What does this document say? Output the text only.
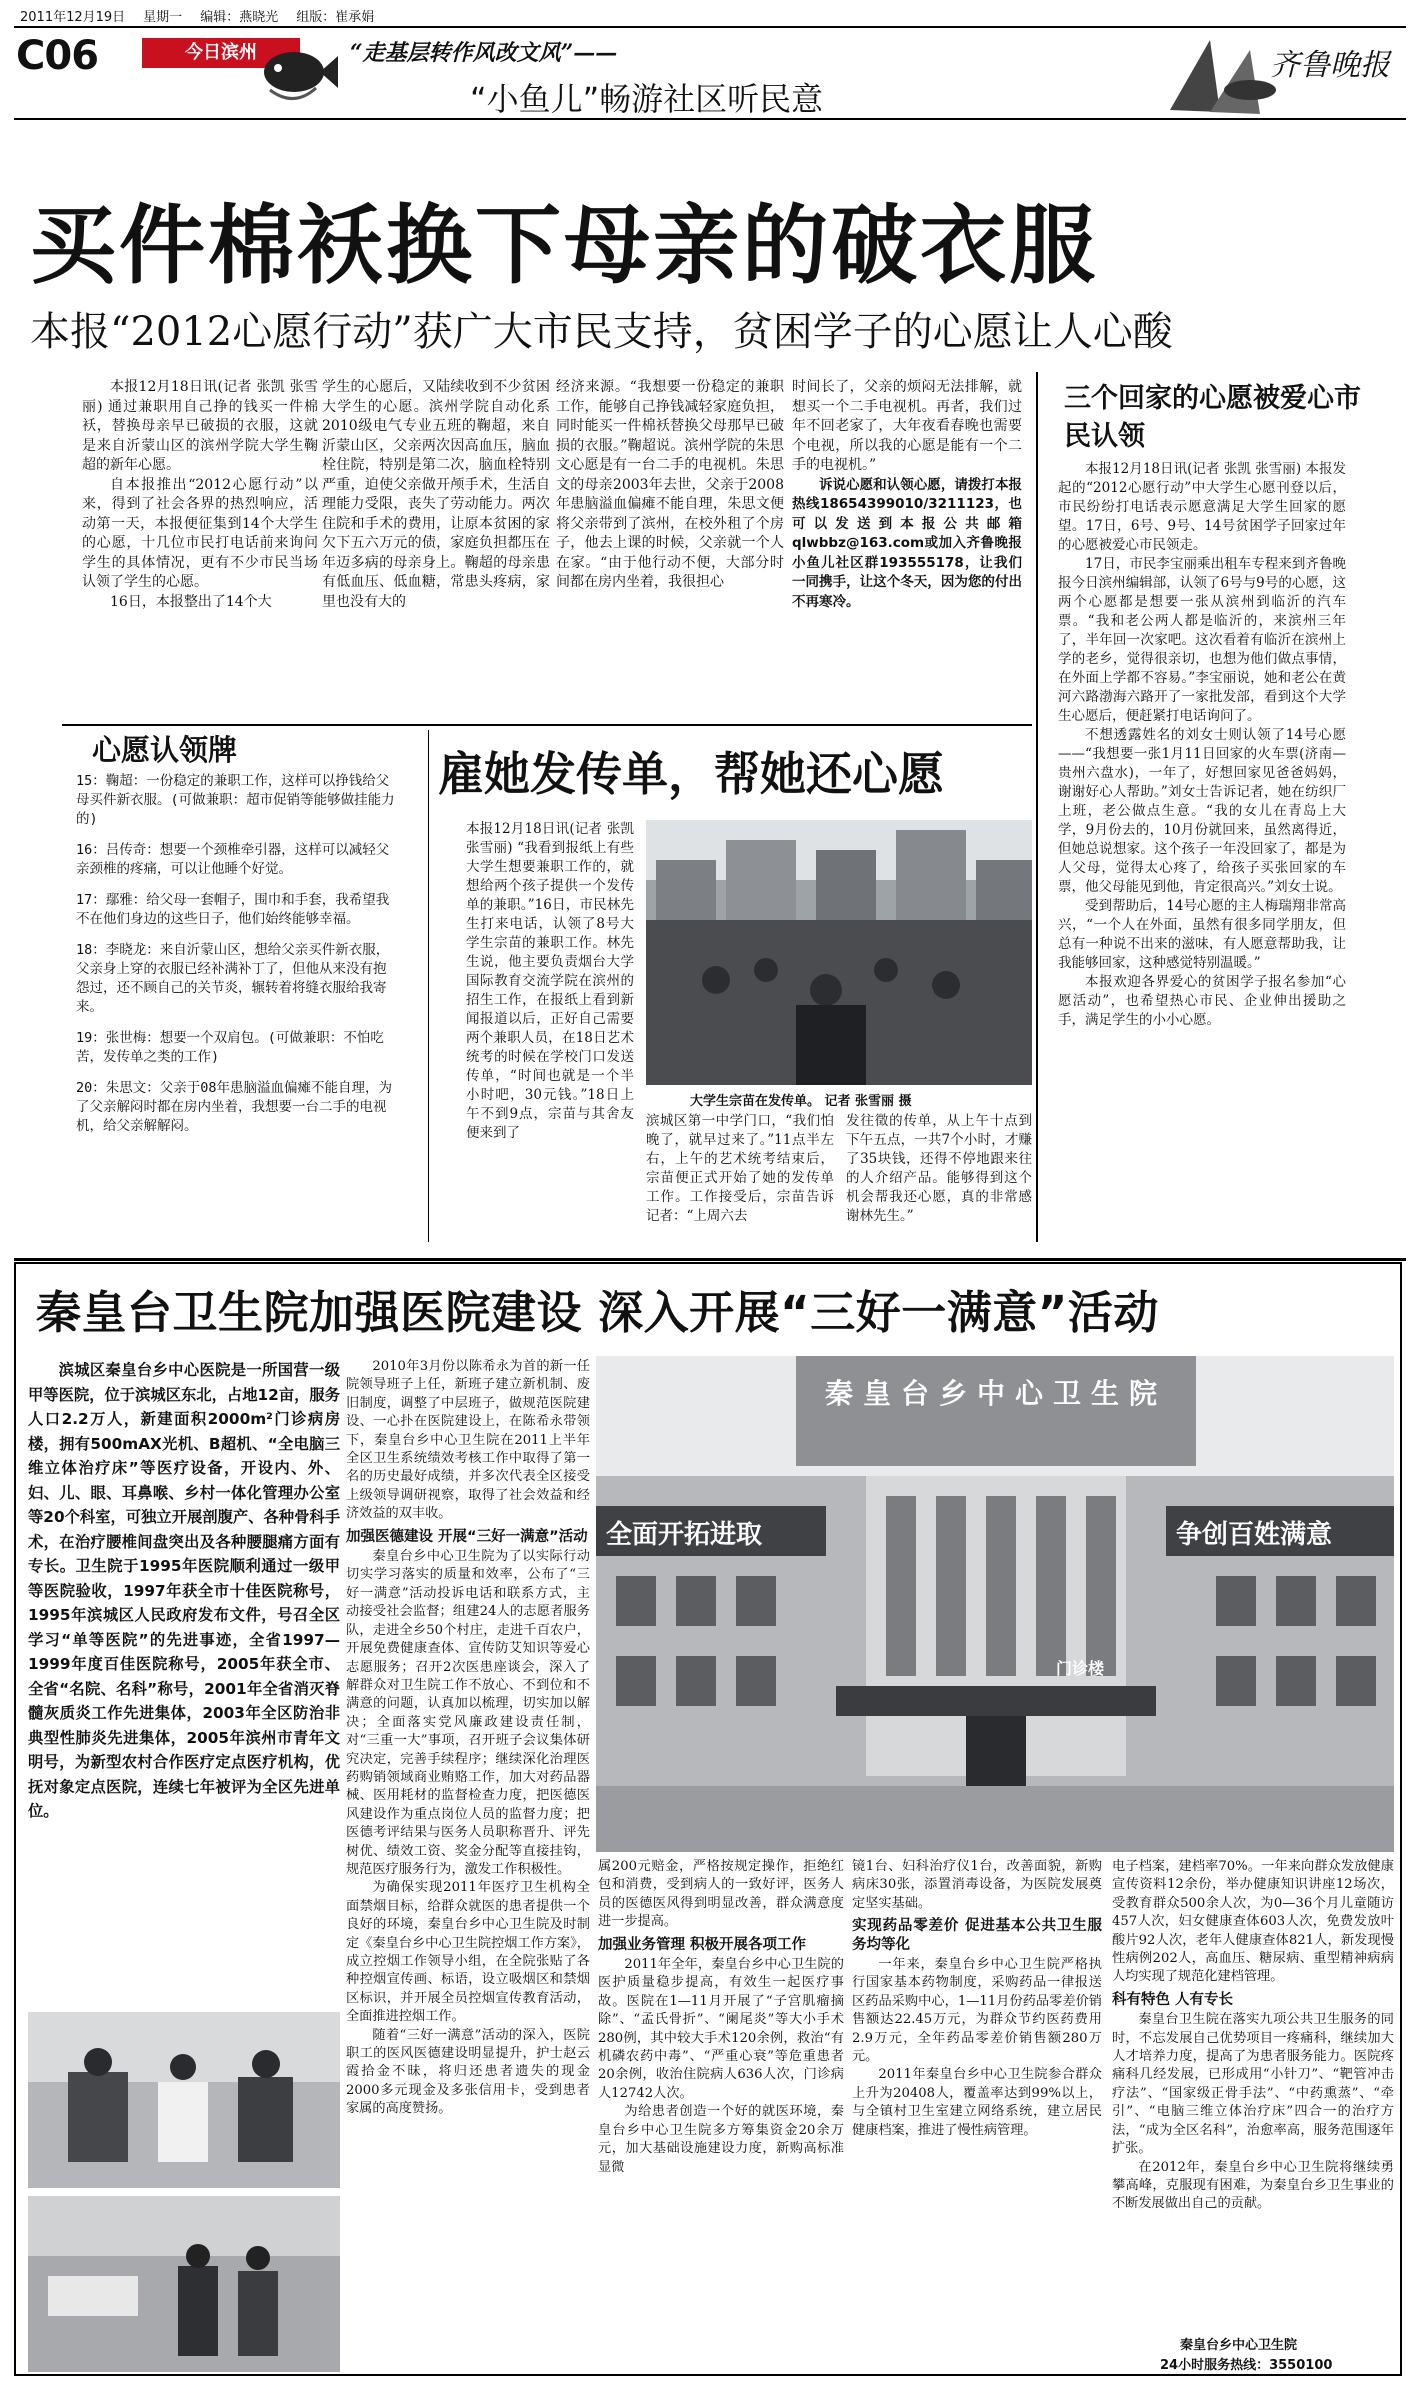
2011年12月19日 星期一 编辑：燕晓光 组版：崔承娟
C06	今日滨州	“走基层转作风改文风”——
“小鱼儿”畅游社区听民意
齐鲁晚报
买件棉袄换下母亲的破衣服
本报“2012心愿行动”获广大市民支持，贫困学子的心愿让人心酸

本报12月18日讯(记者 张凯 张雪丽) 通过兼职用自己挣的钱买一件棉袄，替换母亲早已破损的衣服，这就是来自沂蒙山区的滨州学院大学生鞠超的新年心愿。

自本报推出“2012心愿行动”以来，得到了社会各界的热烈响应，活动第一天，本报便征集到14个大学生的心愿，十几位市民打电话前来询问学生的具体情况，更有不少市民当场认领了学生的心愿。

16日，本报整出了14个大

学生的心愿后，又陆续收到不少贫困大学生的心愿。滨州学院自动化系2010级电气专业五班的鞠超，来自沂蒙山区，父亲两次因高血压，脑血栓住院，特别是第二次，脑血栓特别严重，迫使父亲做开颅手术，生活自理能力受限，丧失了劳动能力。两次住院和手术的费用，让原本贫困的家欠下五六万元的债，家庭负担都压在年迈多病的母亲身上。鞠超的母亲患有低血压、低血糖，常患头疼病，家里也没有大的

经济来源。“我想要一份稳定的兼职工作，能够自己挣钱减轻家庭负担，同时能买一件棉袄替换父母那早已破损的衣服。”鞠超说。滨州学院的朱思文心愿是有一台二手的电视机。朱思文的母亲2003年去世，父亲于2008年患脑溢血偏瘫不能自理，朱思文便将父亲带到了滨州，在校外租了个房子，他去上课的时候，父亲就一个人在家。“由于他行动不便，大部分时间都在房内坐着，我很担心

时间长了，父亲的烦闷无法排解，就想买一个二手电视机。再者，我们过年不回老家了，大年夜看春晚也需要个电视，所以我的心愿是能有一个二手的电视机。”

诉说心愿和认领心愿，请拨打本报热线18654399010/3211123，也可以发送到本报公共邮箱qlwbbz@163.com或加入齐鲁晚报小鱼儿社区群193555178，让我们一同携手，让这个冬天，因为您的付出不再寒冷。

三个回家的心愿被爱心市民认领

本报12月18日讯(记者 张凯 张雪丽) 本报发起的“2012心愿行动”中大学生心愿刊登以后，市民纷纷打电话表示愿意满足大学生回家的愿望。17日，6号、9号、14号贫困学子回家过年的心愿被爱心市民领走。

17日，市民李宝丽乘出租车专程来到齐鲁晚报今日滨州编辑部，认领了6号与9号的心愿，这两个心愿都是想要一张从滨州到临沂的汽车票。“我和老公两人都是临沂的，来滨州三年了，半年回一次家吧。这次看着有临沂在滨州上学的老乡，觉得很亲切，也想为他们做点事情，在外面上学都不容易。”李宝丽说，她和老公在黄河六路渤海六路开了一家批发部，看到这个大学生心愿后，便赶紧打电话询问了。

不想透露姓名的刘女士则认领了14号心愿——“我想要一张1月11日回家的火车票(济南—贵州六盘水)，一年了，好想回家见爸爸妈妈，谢谢好心人帮助。”刘女士告诉记者，她在纺织厂上班，老公做点生意。“我的女儿在青岛上大学，9月份去的，10月份就回来，虽然离得近，但她总说想家。这个孩子一年没回家了，都是为人父母，觉得太心疼了，给孩子买张回家的车票，他父母能见到他，肯定很高兴。”刘女士说。

受到帮助后，14号心愿的主人梅瑞翔非常高兴，“一个人在外面，虽然有很多同学朋友，但总有一种说不出来的滋味，有人愿意帮助我，让我能够回家，这种感觉特别温暖。”

本报欢迎各界爱心的贫困学子报名参加“心愿活动”，也希望热心市民、企业伸出援助之手，满足学生的小小心愿。

心愿认领牌
15：鞠超：一份稳定的兼职工作，这样可以挣钱给父母买件新衣服。(可做兼职：超市促销等能够做挂能力的)
16：吕传奇：想要一个颈椎牵引器，这样可以减轻父亲颈椎的疼痛，可以让他睡个好觉。
17：鄢雅：给父母一套帽子，围巾和手套，我希望我不在他们身边的这些日子，他们始终能够幸福。
18：李晓龙：来自沂蒙山区，想给父亲买件新衣服，父亲身上穿的衣服已经补满补丁了，但他从来没有抱怨过，还不顾自己的关节炎，辗转着将缝衣服给我寄来。
19：张世梅：想要一个双肩包。(可做兼职：不怕吃苦，发传单之类的工作)
20：朱思文：父亲于08年患脑溢血偏瘫不能自理，为了父亲解闷时都在房内坐着，我想要一台二手的电视机，给父亲解解闷。
雇她发传单，帮她还心愿

本报12月18日讯(记者 张凯 张雪丽) “我看到报纸上有些大学生想要兼职工作的，就想给两个孩子提供一个发传单的兼职。”16日，市民林先生打来电话，认领了8号大学生宗苗的兼职工作。林先生说，他主要负责烟台大学国际教育交流学院在滨州的招生工作，在报纸上看到新闻报道以后，正好自己需要两个兼职人员，在18日艺术统考的时候在学校门口发送传单，“时间也就是一个半小时吧，30元钱。”18日上午不到9点，宗苗与其舍友便来到了

大学生宗苗在发传单。 记者 张雪丽 摄

滨城区第一中学门口，“我们怕晚了，就早过来了。”11点半左右，上午的艺术统考结束后，宗苗便正式开始了她的发传单工作。工作接受后，宗苗告诉记者：“上周六去

发往徵的传单，从上午十点到下午五点，一共7个小时，才赚了35块钱，还得不停地跟来往的人介绍产品。能够得到这个机会帮我还心愿，真的非常感谢林先生。”

秦皇台卫生院加强医院建设 深入开展“三好一满意”活动
滨城区秦皇台乡中心医院是一所国营一级甲等医院，位于滨城区东北，占地12亩，服务人口2.2万人，新建面积2000m²门诊病房楼，拥有500mAX光机、B超机、“全电脑三维立体治疗床”等医疗设备，开设内、外、妇、儿、眼、耳鼻喉、乡村一体化管理办公室等20个科室，可独立开展剖腹产、各种骨科手术，在治疗腰椎间盘突出及各种腰腿痛方面有专长。卫生院于1995年医院顺利通过一级甲等医院验收，1997年获全市十佳医院称号，1995年滨城区人民政府发布文件，号召全区学习“单等医院”的先进事迹，全省1997—1999年度百佳医院称号，2005年获全市、全省“名院、名科”称号，2001年全省消灭脊髓灰质炎工作先进集体，2003年全区防治非典型性肺炎先进集体，2005年滨州市青年文明号，为新型农村合作医疗定点医疗机构，优抚对象定点医院，连续七年被评为全区先进单位。

2010年3月份以陈希永为首的新一任院领导班子上任，新班子建立新机制、废旧制度，调整了中层班子，做规范医院建设、一心扑在医院建设上，在陈希永带领下，秦皇台乡中心卫生院在2011上半年全区卫生系统绩效考核工作中取得了第一名的历史最好成绩，并多次代表全区接受上级领导调研视察，取得了社会效益和经济效益的双丰收。

加强医德建设 开展“三好一满意”活动

秦皇台乡中心卫生院为了以实际行动切实学习落实的质量和效率，公布了“三好一满意”活动投诉电话和联系方式，主动接受社会监督；组建24人的志愿者服务队，走进全乡50个村庄，走进千百农户，开展免费健康查体、宣传防艾知识等爱心志愿服务；召开2次医患座谈会，深入了解群众对卫生院工作不放心、不到位和不满意的问题，认真加以梳理，切实加以解决；全面落实党风廉政建设责任制，对“三重一大”事项，召开班子会议集体研究决定，完善手续程序；继续深化治理医药购销领域商业贿赂工作，加大对药品器械、医用耗材的监督检查力度，把医德医风建设作为重点岗位人员的监督力度；把医德考评结果与医务人员职称晋升、评先树优、绩效工资、奖金分配等直接挂钩，规范医疗服务行为，激发工作积极性。

为确保实现2011年医疗卫生机构全面禁烟目标，给群众就医的患者提供一个良好的环境，秦皇台乡中心卫生院及时制定《秦皇台乡中心卫生院控烟工作方案》，成立控烟工作领导小组，在全院张贴了各种控烟宣传画、标语，设立吸烟区和禁烟区标识，并开展全员控烟宣传教育活动，全面推进控烟工作。

随着“三好一满意”活动的深入，医院职工的医风医德建设明显提升，护士赵云霞拾金不昧，将归还患者遗失的现金2000多元现金及多张信用卡，受到患者家属的高度赞扬。

秦皇台乡中心卫生院
全面开拓进取	争创百姓满意
门诊楼

属200元赔金，严格按规定操作，拒绝红包和消费，受到病人的一致好评，医务人员的医德医风得到明显改善，群众满意度进一步提高。

加强业务管理 积极开展各项工作

2011年全年，秦皇台乡中心卫生院的医护质量稳步提高，有效生一起医疗事故。医院在1—11月开展了“子宫肌瘤摘除”、“孟氏骨折”、“阑尾炎”等大小手术280例，其中较大手术120余例，救治“有机磷农药中毒”、“严重心衰”等危重患者20余例，收治住院病人636人次，门诊病人12742人次。

为给患者创造一个好的就医环境，秦皇台乡中心卫生院多方筹集资金20余万元，加大基础设施建设力度，新购高标准显微

镜1台、妇科治疗仪1台，改善面貌，新购病床30张，添置消毒设备，为医院发展奠定坚实基础。

实现药品零差价 促进基本公共卫生服务均等化

一年来，秦皇台乡中心卫生院严格执行国家基本药物制度，采购药品一律报送区药品采购中心，1—11月份药品零差价销售额达22.45万元，为群众节约医药费用2.9万元，全年药品零差价销售额280万元。

2011年秦皇台乡中心卫生院参合群众上升为20408人，覆盖率达到99%以上，与全镇村卫生室建立网络系统，建立居民健康档案，推进了慢性病管理。

电子档案，建档率70%。一年来向群众发放健康宣传资料12余份，举办健康知识讲座12场次，受教育群众500余人次，为0—36个月儿童随访457人次，妇女健康查体603人次，免费发放叶酸片92人次，老年人健康查体821人，新发现慢性病例202人，高血压、糖尿病、重型精神病病人均实现了规范化建档管理。

科有特色 人有专长

秦皇台卫生院在落实九项公共卫生服务的同时，不忘发展自己优势项目一疼痛科，继续加大人才培养力度，提高了为患者服务能力。医院疼痛科几经发展，已形成用“小针刀”、“靶管冲击疗法”、“国家级正骨手法”、“中药熏蒸”、“牵引”、“电脑三维立体治疗床”四合一的治疗方法，“成为全区名科”，治愈率高，服务范围逐年扩张。

在2012年，秦皇台乡中心卫生院将继续勇攀高峰，克服现有困难，为秦皇台乡卫生事业的不断发展做出自己的贡献。

秦皇台乡中心卫生院
24小时服务热线：3550100
